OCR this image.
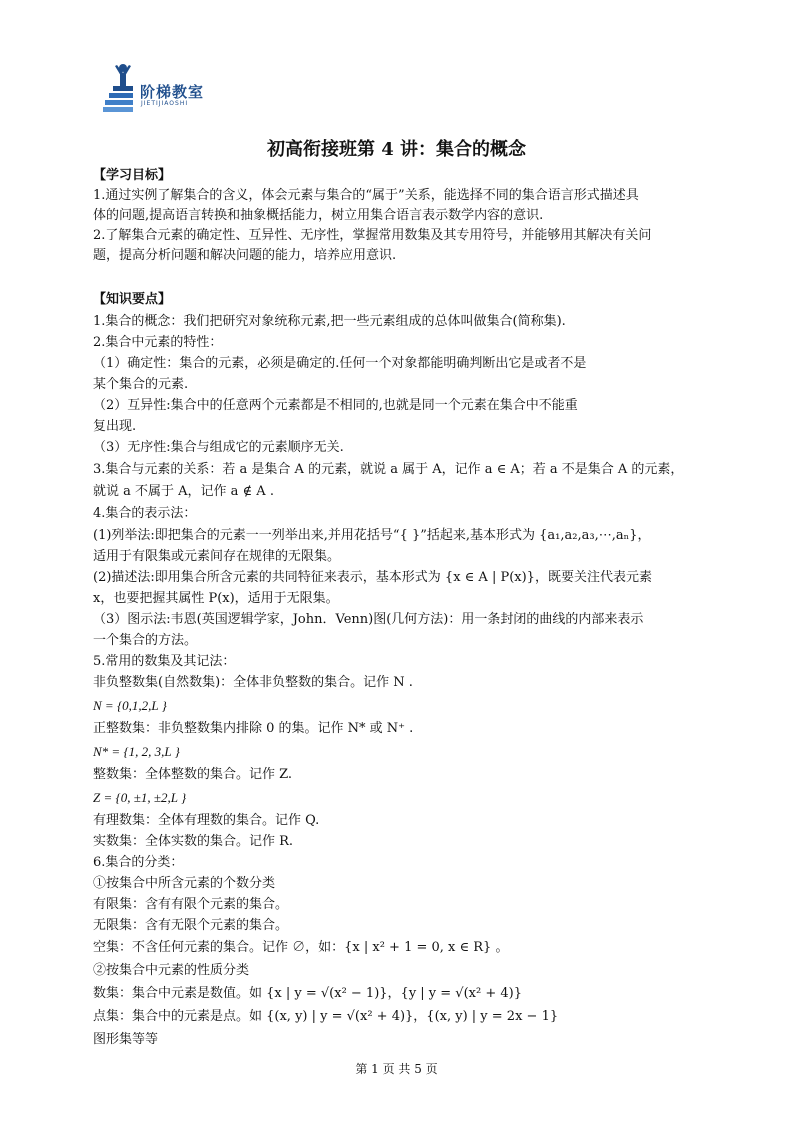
阶梯教室
JIETIJIAOSHI
初高衔接班第 4 讲：集合的概念
【学习目标】
1.通过实例了解集合的含义，体会元素与集合的“属于”关系，能选择不同的集合语言形式描述具
体的问题,提高语言转换和抽象概括能力，树立用集合语言表示数学内容的意识.
2.了解集合元素的确定性、互异性、无序性，掌握常用数集及其专用符号，并能够用其解决有关问
题，提高分析问题和解决问题的能力，培养应用意识.
【知识要点】
1.集合的概念：我们把研究对象统称元素,把一些元素组成的总体叫做集合(简称集).
2.集合中元素的特性：
（1）确定性：集合的元素，必须是确定的.任何一个对象都能明确判断出它是或者不是
某个集合的元素.
（2）互异性:集合中的任意两个元素都是不相同的,也就是同一个元素在集合中不能重
复出现.
（3）无序性:集合与组成它的元素顺序无关.
3.集合与元素的关系：若 a 是集合 A 的元素，就说 a 属于 A，记作 a ∈ A；若 a 不是集合 A 的元素，
就说 a 不属于 A，记作 a ∉ A .
4.集合的表示法：
(1)列举法:即把集合的元素一一列举出来,并用花括号“{ }”括起来,基本形式为 {a₁,a₂,a₃,⋯,aₙ}，
适用于有限集或元素间存在规律的无限集。
(2)描述法:即用集合所含元素的共同特征来表示，基本形式为 {x ∈ A | P(x)}，既要关注代表元素
x，也要把握其属性 P(x)，适用于无限集。
（3）图示法:韦恩(英国逻辑学家，John．Venn)图(几何方法)：用一条封闭的曲线的内部来表示
一个集合的方法。
5.常用的数集及其记法：
非负整数集(自然数集)：全体非负整数的集合。记作 N .
N = {0,1,2,L }
正整数集：非负整数集内排除 0 的集。记作 N* 或 N⁺ .
N* = {1, 2, 3,L }
整数集：全体整数的集合。记作 Z.
Z = {0, ±1, ±2,L }
有理数集：全体有理数的集合。记作 Q.
实数集：全体实数的集合。记作 R.
6.集合的分类：
①按集合中所含元素的个数分类
有限集：含有有限个元素的集合。
无限集：含有无限个元素的集合。
空集：不含任何元素的集合。记作 ∅，如：{x | x² + 1 = 0, x ∈ R} 。
②按集合中元素的性质分类
数集：集合中元素是数值。如 {x | y = √(x² − 1)}，{y | y = √(x² + 4)}
点集：集合中的元素是点。如 {(x, y) | y = √(x² + 4)}，{(x, y) | y = 2x − 1}
图形集等等
第 1 页 共 5 页
